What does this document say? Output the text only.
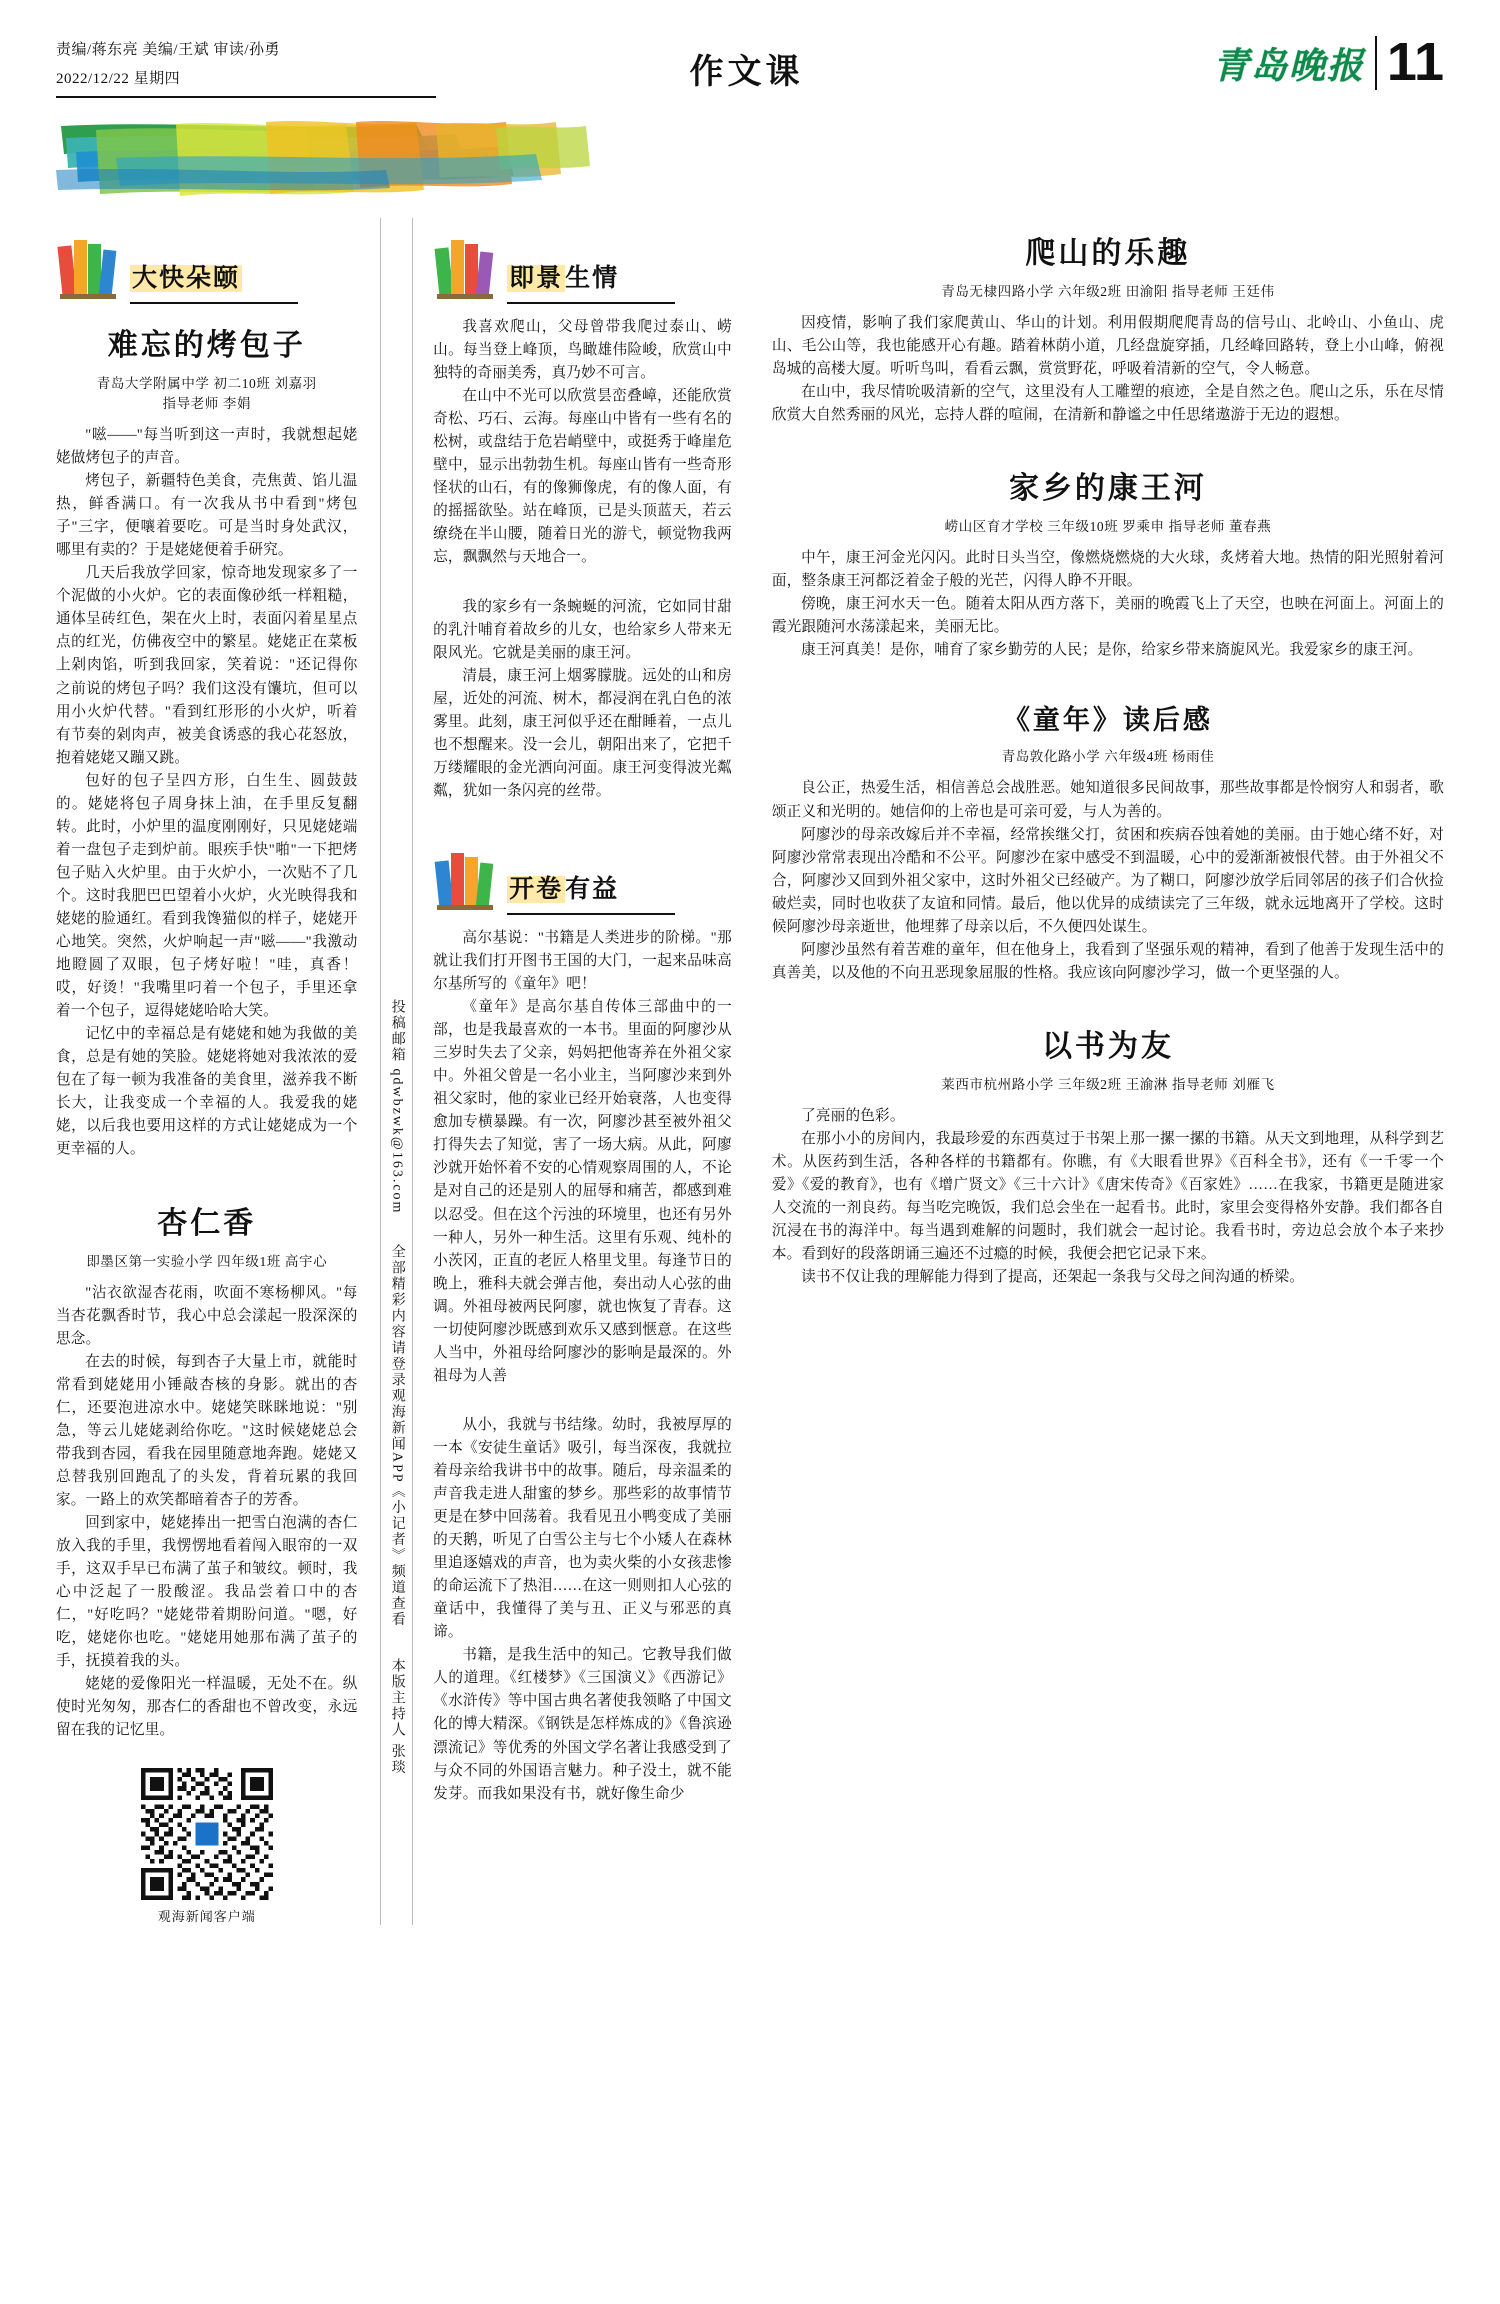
责编/蒋东亮 美编/王斌 审读/孙勇
2022/12/22 星期四	作文课	青岛晚报 11
大快朵颐
难忘的烤包子
青岛大学附属中学 初二10班 刘嘉羽
指导老师 李娟

"嗞——"每当听到这一声时，我就想起姥姥做烤包子的声音。

烤包子，新疆特色美食，壳焦黄、馅儿温热，鲜香满口。有一次我从书中看到"烤包子"三字，便嚷着要吃。可是当时身处武汉，哪里有卖的？于是姥姥便着手研究。

几天后我放学回家，惊奇地发现家多了一个泥做的小火炉。它的表面像砂纸一样粗糙，通体呈砖红色，架在火上时，表面闪着星星点点的红光，仿佛夜空中的繁星。姥姥正在菜板上剁肉馅，听到我回家，笑着说："还记得你之前说的烤包子吗？我们这没有馕坑，但可以用小火炉代替。"看到红形形的小火炉，听着有节奏的剁肉声，被美食诱惑的我心花怒放，抱着姥姥又蹦又跳。

包好的包子呈四方形，白生生、圆鼓鼓的。姥姥将包子周身抹上油，在手里反复翻转。此时，小炉里的温度刚刚好，只见姥姥端着一盘包子走到炉前。眼疾手快"啪"一下把烤包子贴入火炉里。由于火炉小，一次贴不了几个。这时我肥巴巴望着小火炉，火光映得我和姥姥的脸通红。看到我馋猫似的样子，姥姥开心地笑。突然，火炉响起一声"嗞——"我激动地瞪圆了双眼，包子烤好啦！"哇，真香！哎，好烫！"我嘴里叼着一个包子，手里还拿着一个包子，逗得姥姥哈哈大笑。

记忆中的幸福总是有姥姥和她为我做的美食，总是有她的笑脸。姥姥将她对我浓浓的爱包在了每一顿为我准备的美食里，滋养我不断长大，让我变成一个幸福的人。我爱我的姥姥，以后我也要用这样的方式让姥姥成为一个更幸福的人。

杏仁香
即墨区第一实验小学 四年级1班 高宇心

"沾衣欲湿杏花雨，吹面不寒杨柳风。"每当杏花飘香时节，我心中总会漾起一股深深的思念。

在去的时候，每到杏子大量上市，就能时常看到姥姥用小锤敲杏核的身影。就出的杏仁，还要泡进凉水中。姥姥笑眯眯地说："别急，等云儿姥姥剥给你吃。"这时候姥姥总会带我到杏园，看我在园里随意地奔跑。姥姥又总替我别回跑乱了的头发，背着玩累的我回家。一路上的欢笑都暗着杏子的芳香。

回到家中，姥姥捧出一把雪白泡满的杏仁放入我的手里，我愣愣地看着闯入眼帘的一双手，这双手早已布满了茧子和皱纹。顿时，我心中泛起了一股酸涩。我品尝着口中的杏仁，"好吃吗？"姥姥带着期盼问道。"嗯，好吃，姥姥你也吃。"姥姥用她那布满了茧子的手，抚摸着我的头。

姥姥的爱像阳光一样温暖，无处不在。纵使时光匆匆，那杏仁的香甜也不曾改变，永远留在我的记忆里。

观海新闻客户端
投稿邮箱 qdwbzwk@163.com
全部精彩内容请登录观海新闻APP《小记者》频道查看
本版主持人 张琰
即景生情

我喜欢爬山，父母曾带我爬过泰山、崂山。每当登上峰顶，鸟瞰雄伟险峻，欣赏山中独特的奇丽美秀，真乃妙不可言。

在山中不光可以欣赏昙峦叠嶂，还能欣赏奇松、巧石、云海。每座山中皆有一些有名的松树，或盘结于危岩峭壁中，或挺秀于峰崖危壁中，显示出勃勃生机。每座山皆有一些奇形怪状的山石，有的像狮像虎，有的像人面，有的摇摇欲坠。站在峰顶，已是头顶蓝天，若云缭绕在半山腰，随着日光的游弋，顿觉物我两忘，飘飘然与天地合一。

我的家乡有一条蜿蜒的河流，它如同甘甜的乳汁哺育着故乡的儿女，也给家乡人带来无限风光。它就是美丽的康王河。

清晨，康王河上烟雾朦胧。远处的山和房屋，近处的河流、树木，都浸润在乳白色的浓雾里。此刻，康王河似乎还在酣睡着，一点儿也不想醒来。没一会儿，朝阳出来了，它把千万缕耀眼的金光洒向河面。康王河变得波光粼粼，犹如一条闪亮的丝带。

开卷有益

高尔基说："书籍是人类进步的阶梯。"那就让我们打开图书王国的大门，一起来品味高尔基所写的《童年》吧！

《童年》是高尔基自传体三部曲中的一部，也是我最喜欢的一本书。里面的阿廖沙从三岁时失去了父亲，妈妈把他寄养在外祖父家中。外祖父曾是一名小业主，当阿廖沙来到外祖父家时，他的家业已经开始衰落，人也变得愈加专横暴躁。有一次，阿廖沙甚至被外祖父打得失去了知觉，害了一场大病。从此，阿廖沙就开始怀着不安的心情观察周围的人，不论是对自己的还是别人的屈辱和痛苦，都感到难以忍受。但在这个污浊的环境里，也还有另外一种人，另外一种生活。这里有乐观、纯朴的小茨冈，正直的老匠人格里戈里。每逢节日的晚上，雅科夫就会弹吉他，奏出动人心弦的曲调。外祖母被两民阿廖，就也恢复了青春。这一切使阿廖沙既感到欢乐又感到惬意。在这些人当中，外祖母给阿廖沙的影响是最深的。外祖母为人善

从小，我就与书结缘。幼时，我被厚厚的一本《安徒生童话》吸引，每当深夜，我就拉着母亲给我讲书中的故事。随后，母亲温柔的声音我走进人甜蜜的梦乡。那些彩的故事情节更是在梦中回荡着。我看见丑小鸭变成了美丽的天鹅，听见了白雪公主与七个小矮人在森林里追逐嬉戏的声音，也为卖火柴的小女孩悲惨的命运流下了热泪……在这一则则扣人心弦的童话中，我懂得了美与丑、正义与邪恶的真谛。

书籍，是我生活中的知己。它教导我们做人的道理。《红楼梦》《三国演义》《西游记》《水浒传》等中国古典名著使我领略了中国文化的博大精深。《钢铁是怎样炼成的》《鲁滨逊漂流记》等优秀的外国文学名著让我感受到了与众不同的外国语言魅力。种子没土，就不能发芽。而我如果没有书，就好像生命少

爬山的乐趣
青岛无棣四路小学 六年级2班 田渝阳 指导老师 王廷伟

因疫情，影响了我们家爬黄山、华山的计划。利用假期爬爬青岛的信号山、北岭山、小鱼山、虎山、毛公山等，我也能感开心有趣。踏着林荫小道，几经盘旋穿插，几经峰回路转，登上小山峰，俯视岛城的高楼大厦。听听鸟叫，看看云飘，赏赏野花，呼吸着清新的空气，令人畅意。

在山中，我尽情吮吸清新的空气，这里没有人工雕塑的痕迹，全是自然之色。爬山之乐，乐在尽情欣赏大自然秀丽的风光，忘持人群的喧闹，在清新和静谧之中任思绪遨游于无边的遐想。

家乡的康王河
崂山区育才学校 三年级10班 罗乘申 指导老师 董春燕

中午，康王河金光闪闪。此时日头当空，像燃烧燃烧的大火球，炙烤着大地。热情的阳光照射着河面，整条康王河都泛着金子般的光芒，闪得人睁不开眼。

傍晚，康王河水天一色。随着太阳从西方落下，美丽的晚霞飞上了天空，也映在河面上。河面上的霞光跟随河水荡漾起来，美丽无比。

康王河真美！是你，哺育了家乡勤劳的人民；是你，给家乡带来旖旎风光。我爱家乡的康王河。

《童年》读后感
青岛敦化路小学 六年级4班 杨雨佳

良公正，热爱生活，相信善总会战胜恶。她知道很多民间故事，那些故事都是怜悯穷人和弱者，歌颂正义和光明的。她信仰的上帝也是可亲可爱，与人为善的。

阿廖沙的母亲改嫁后并不幸福，经常挨继父打，贫困和疾病吞蚀着她的美丽。由于她心绪不好，对阿廖沙常常表现出冷酷和不公平。阿廖沙在家中感受不到温暖，心中的爱渐渐被恨代替。由于外祖父不合，阿廖沙又回到外祖父家中，这时外祖父已经破产。为了糊口，阿廖沙放学后同邻居的孩子们合伙捡破烂卖，同时也收获了友谊和同情。最后，他以优异的成绩读完了三年级，就永远地离开了学校。这时候阿廖沙母亲逝世，他埋葬了母亲以后，不久便四处谋生。

阿廖沙虽然有着苦难的童年，但在他身上，我看到了坚强乐观的精神，看到了他善于发现生活中的真善美，以及他的不向丑恶现象屈服的性格。我应该向阿廖沙学习，做一个更坚强的人。

以书为友
莱西市杭州路小学 三年级2班 王渝淋 指导老师 刘雁飞

了亮丽的色彩。

在那小小的房间内，我最珍爱的东西莫过于书架上那一摞一摞的书籍。从天文到地理，从科学到艺术。从医药到生活，各种各样的书籍都有。你瞧，有《大眼看世界》《百科全书》，还有《一千零一个爱》《爱的教育》，也有《增广贤文》《三十六计》《唐宋传奇》《百家姓》……在我家，书籍更是随进家人交流的一剂良药。每当吃完晚饭，我们总会坐在一起看书。此时，家里会变得格外安静。我们都各自沉浸在书的海洋中。每当遇到难解的问题时，我们就会一起讨论。我看书时，旁边总会放个本子来抄本。看到好的段落朗诵三遍还不过瘾的时候，我便会把它记录下来。

读书不仅让我的理解能力得到了提高，还架起一条我与父母之间沟通的桥梁。
